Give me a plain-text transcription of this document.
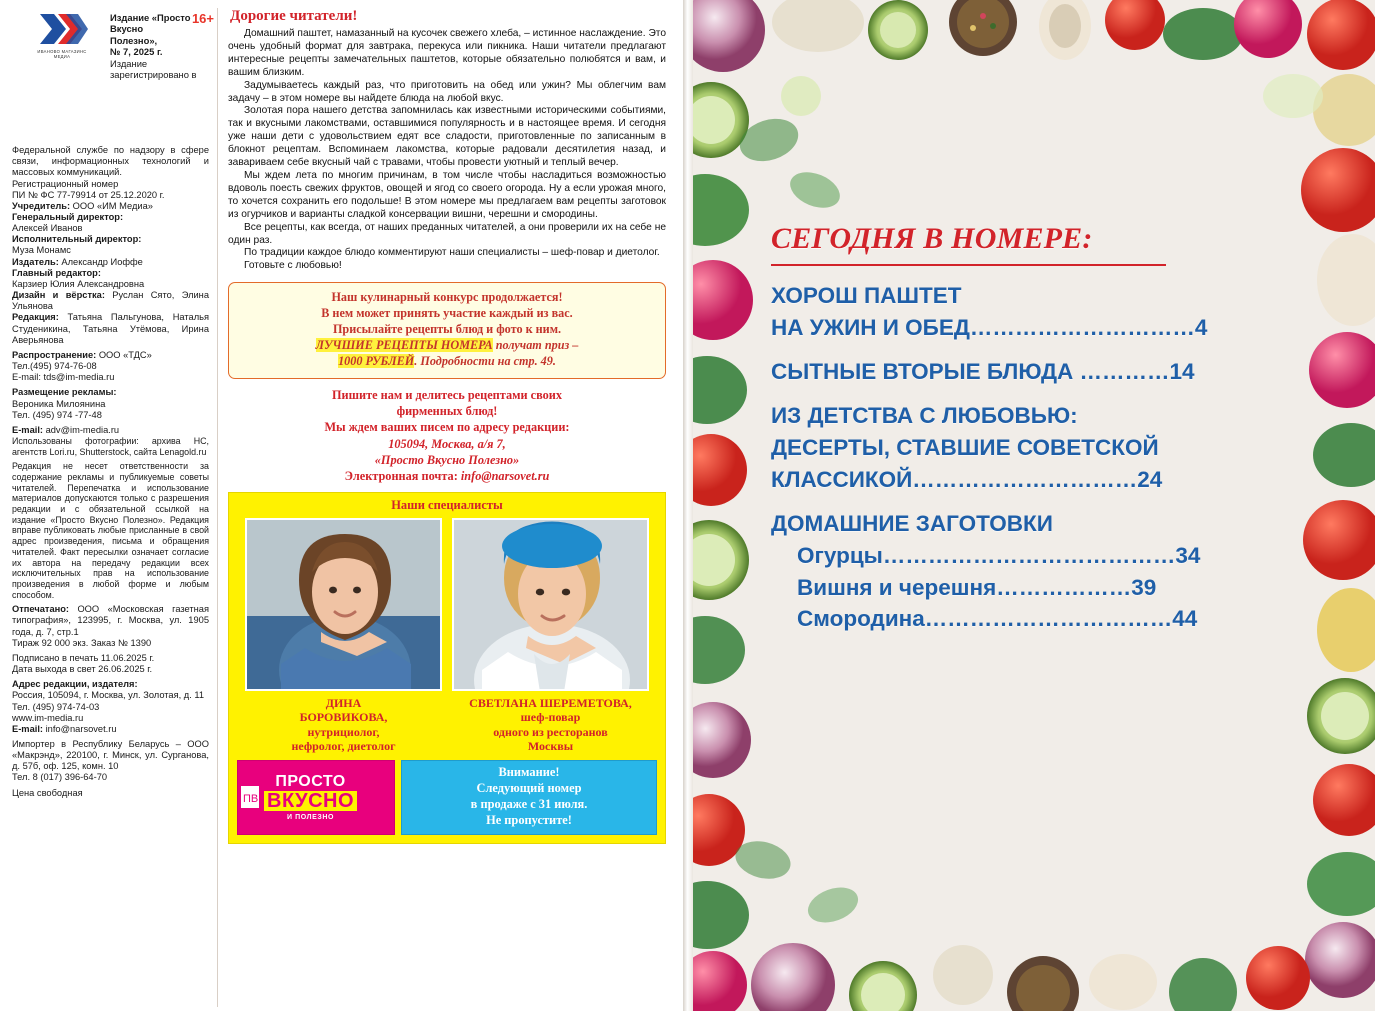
ИВАНОВО МАГАЗИНС МЕДИА
16+
Издание «Просто
Вкусно Полезно»,
№ 7, 2025 г.
Издание
зарегистрировано в

Федеральной службе по надзору в сфере связи, информационных технологий и массовых коммуникаций.

Регистрационный номер

ПИ № ФС 77-79914 от 25.12.2020 г.

Учредитель: ООО «ИМ Медиа»

Генеральный директор:

Алексей Иванов

Исполнительный директор:

Муза Монамс

Издатель: Александр Иоффе

Главный редактор:

Карзиер Юлия Александровна

Дизайн и вёрстка: Руслан Сято, Элина Ульянова

Редакция: Татьяна Пальгунова, Наталья Студеникина, Татьяна Утёмова, Ирина Аверьянова

Распространение: ООО «ТДС»

Тел.(495) 974-76-08

E-mail: tds@im-media.ru

Размещение рекламы:

Вероника Милоянина

Тел. (495) 974 -77-48

E-mail: adv@im-media.ru

Использованы фотографии: архива НС, агентств Lori.ru, Shutterstock, сайта Lenagold.ru

Редакция не несет ответственности за содержание рекламы и публикуемые советы читателей. Перепечатка и использование материалов допускаются только с разрешения редакции и с обязательной ссылкой на издание «Просто Вкусно Полезно». Редакция вправе публиковать любые присланные в свой адрес произведения, письма и обращения читателей. Факт пересылки означает согласие их автора на передачу редакции всех исключительных прав на использование произведения в любой форме и любым способом.

Отпечатано: ООО «Московская газетная типография», 123995, г. Москва, ул. 1905 года, д. 7, стр.1

Тираж 92 000 экз. Заказ № 1390

Подписано в печать 11.06.2025 г.

Дата выхода в свет 26.06.2025 г.

Адрес редакции, издателя:

Россия, 105094, г. Москва, ул. Золотая, д. 11

Тел. (495) 974-74-03

www.im-media.ru

E-mail: info@narsovet.ru

Импортер в Республику Беларусь – ООО «Макрэнд», 220100, г. Минск, ул. Сурганова, д. 57б, оф. 125, комн. 10

Тел. 8 (017) 396-64-70

Цена свободная

Дорогие читатели!

Домашний паштет, намазанный на кусочек свежего хлеба, – истинное наслаждение. Это очень удобный формат для завтрака, перекуса или пикника. Наши читатели предлагают интересные рецепты замечательных паштетов, которые обязательно полюбятся и вам, и вашим близким.

Задумываетесь каждый раз, что приготовить на обед или ужин? Мы облегчим вам задачу – в этом номере вы найдете блюда на любой вкус.

Золотая пора нашего детства запомнилась как известными историческими событиями, так и вкусными лакомствами, оставшимися популярность и в настоящее время. И сегодня уже наши дети с удовольствием едят все сладости, приготовленные по записанным в блокнот рецептам. Вспоминаем лакомства, которые радовали десятилетия назад, и завариваем себе вкусный чай с травами, чтобы провести уютный и теплый вечер.

Мы ждем лета по многим причинам, в том числе чтобы насладиться возможностью вдоволь поесть свежих фруктов, овощей и ягод со своего огорода. Ну а если урожая много, то хочется сохранить его подольше! В этом номере мы предлагаем вам рецепты заготовок из огурчиков и варианты сладкой консервации вишни, черешни и смородины.

Все рецепты, как всегда, от наших преданных читателей, а они проверили их на себе не один раз.

По традиции каждое блюдо комментируют наши специалисты – шеф-повар и диетолог.

Готовьте с любовью!

Наш кулинарный конкурс продолжается!
В нем может принять участие каждый из вас.
Присылайте рецепты блюд и фото к ним.
ЛУЧШИЕ РЕЦЕПТЫ НОМЕРА получат приз –
1000 РУБЛЕЙ. Подробности на стр. 49.
Пишите нам и делитесь рецептами своих
фирменных блюд!
Мы ждем ваших писем по адресу редакции:
105094, Москва, а/я 7,
«Просто Вкусно Полезно»
Электронная почта: info@narsovet.ru
Наши специалисты
ДИНА
БОРОВИКОВА,
нутрициолог,
нефролог, диетолог
СВЕТЛАНА ШЕРЕМЕТОВА,
шеф-повар
одного из ресторанов
Москвы
ПВ
ПРОСТО
ВКУСНО
И ПОЛЕЗНО
Внимание!
Следующий номер
в продаже с 31 июля.
Не пропустите!
СЕГОДНЯ В НОМЕРЕ:
ХОРОШ ПАШТЕТ
НА УЖИН И ОБЕД…………………………4
СЫТНЫЕ ВТОРЫЕ БЛЮДА …………14
ИЗ ДЕТСТВА С ЛЮБОВЬЮ:
ДЕСЕРТЫ, СТАВШИЕ СОВЕТСКОЙ
КЛАССИКОЙ…………………………24
ДОМАШНИЕ ЗАГОТОВКИ
Огурцы…………………………………34
Вишня и черешня………………39
Смородина……………………………44
